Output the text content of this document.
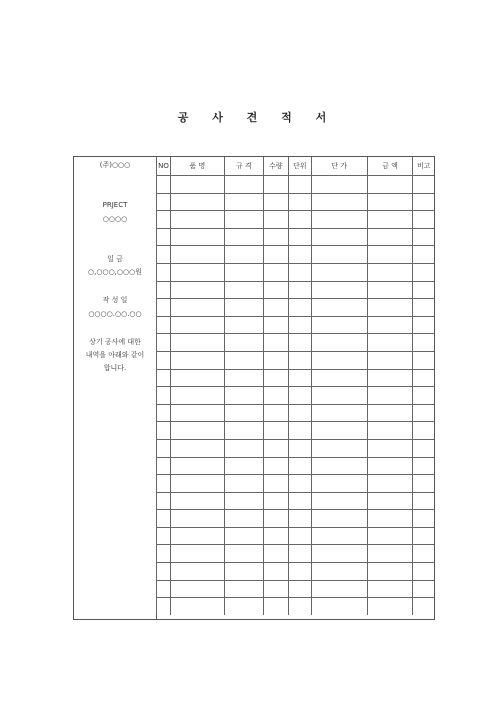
공 사 견 적 서
(주)○○○
PRJECT
○○○○
일 금
○,○○○,○○○원
작 성 일
○○○○.○○.○○
상기 공사에 대한
내역을 아래와 같이
합니다.
NO	품 명	규 격	수량	단위	단 가	금 액	비고
